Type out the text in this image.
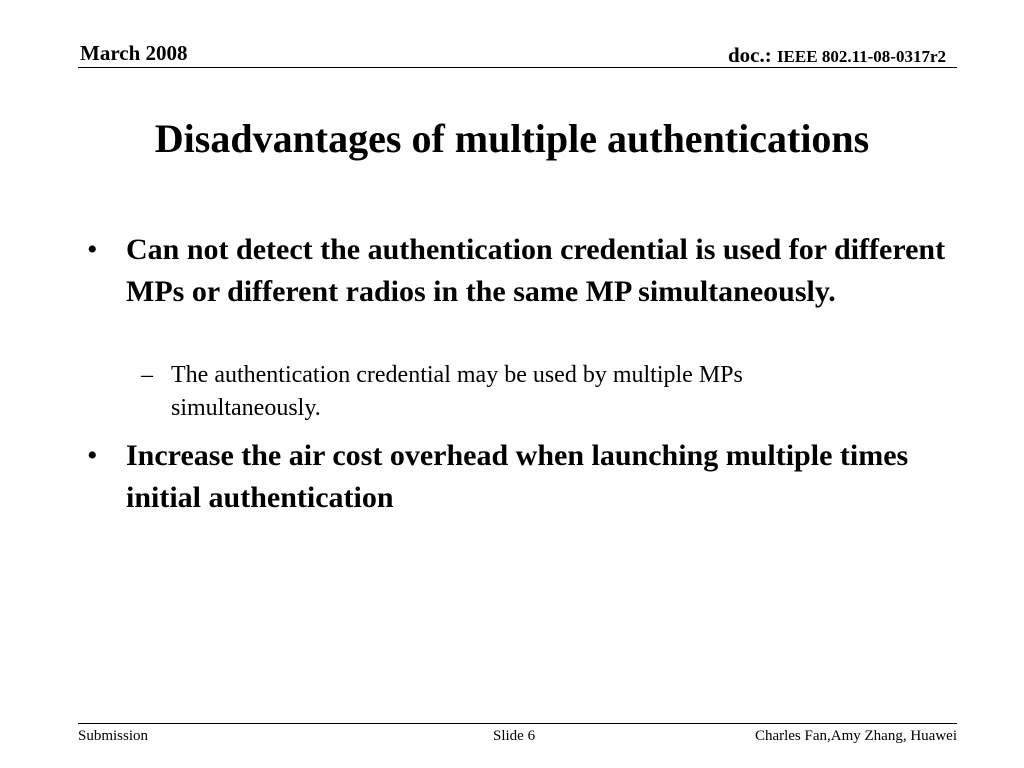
March 2008	doc.: IEEE 802.11-08-0317r2
Disadvantages of multiple authentications
• Can not detect the authentication credential is used for different MPs or different radios in the same MP simultaneously.
– The authentication credential may be used by multiple MPs simultaneously.
• Increase the air cost overhead when launching multiple times initial authentication
Submission	Slide 6	Charles Fan,Amy Zhang, Huawei
